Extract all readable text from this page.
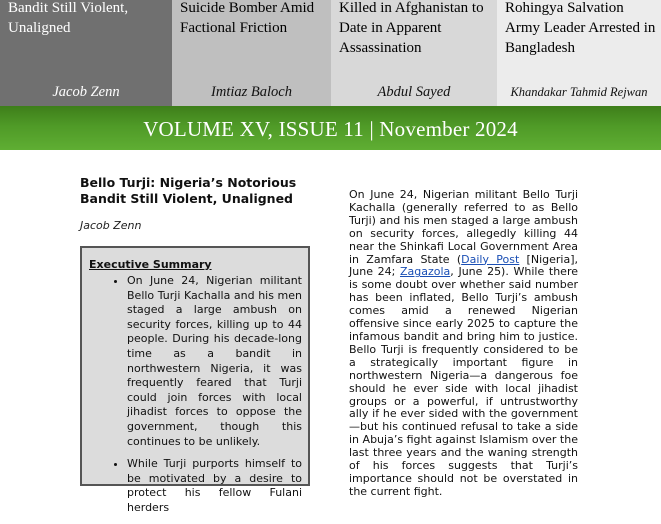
Bandit Still Violent, Unaligned
Jacob Zenn
Suicide Bomber Amid Factional Friction
Imtiaz Baloch
Killed in Afghanistan to Date in Apparent Assassination
Abdul Sayed
Rohingya Salvation Army Leader Arrested in Bangladesh
Khandakar Tahmid Rejwan
VOLUME XV, ISSUE 11 | November 2024
Bello Turji: Nigeria’s Notorious Bandit Still Violent, Unaligned
Jacob Zenn
Executive Summary
• On June 24, Nigerian militant Bello Turji Kachalla and his men staged a large ambush on security forces, killing up to 44 people. During his decade-long time as a bandit in northwestern Nigeria, it was frequently feared that Turji could join forces with local jihadist forces to oppose the government, though this continues to be unlikely.
• While Turji purports himself to be motivated by a desire to protect his fellow Fulani herders
On June 24, Nigerian militant Bello Turji Kachalla (generally referred to as Bello Turji) and his men staged a large ambush on security forces, allegedly killing 44 near the Shinkafi Local Government Area in Zamfara State (Daily Post [Nigeria], June 24; Zagazola, June 25). While there is some doubt over whether said number has been inflated, Bello Turji’s ambush comes amid a renewed Nigerian offensive since early 2025 to capture the infamous bandit and bring him to justice. Bello Turji is frequently considered to be a strategically important figure in northwestern Nigeria—a dangerous foe should he ever side with local jihadist groups or a powerful, if untrustworthy ally if he ever sided with the government—but his continued refusal to take a side in Abuja’s fight against Islamism over the last three years and the waning strength of his forces suggests that Turji’s importance should not be overstated in the current fight.
